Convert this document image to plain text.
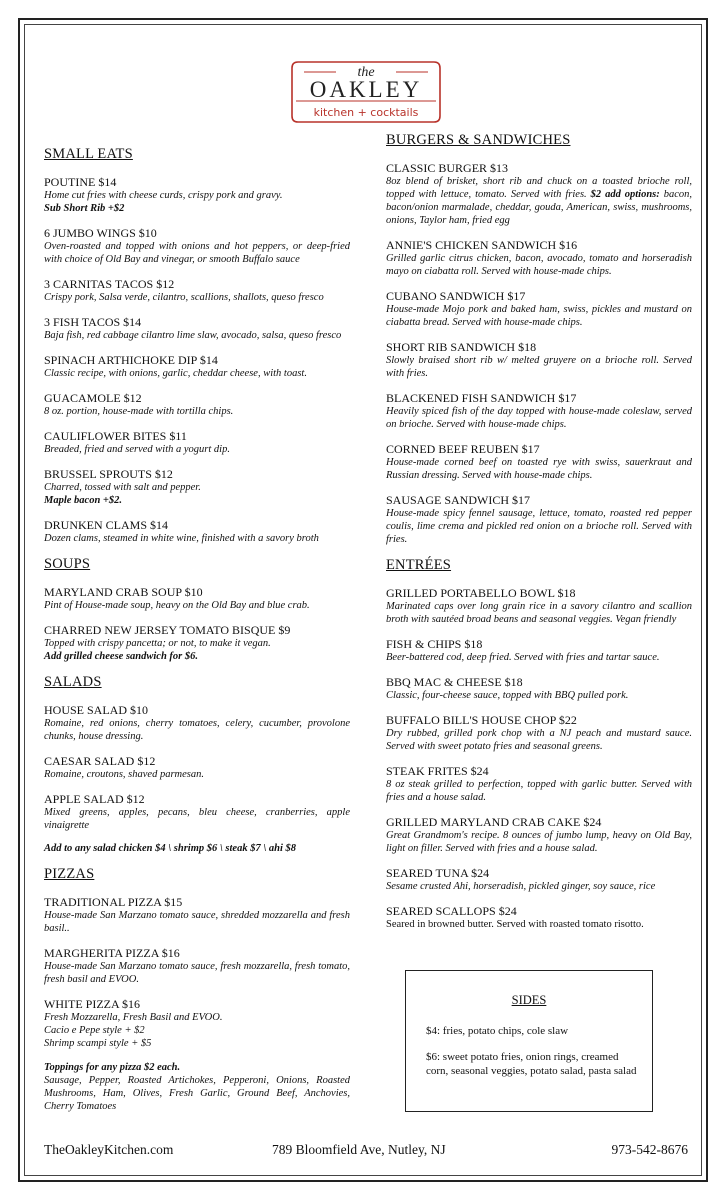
the
OAKLEY
kitchen + cocktails
SMALL EATS
POUTINE $14
Home cut fries with cheese curds, crispy pork and gravy.
Sub Short Rib +$2
6 JUMBO WINGS $10
Oven-roasted and topped with onions and hot peppers, or deep-fried with choice of Old Bay and vinegar, or smooth Buffalo sauce
3 CARNITAS TACOS $12
Crispy pork, Salsa verde, cilantro, scallions, shallots, queso fresco
3 FISH TACOS $14
Baja fish, red cabbage cilantro lime slaw, avocado, salsa, queso fresco
SPINACH ARTHICHOKE DIP $14
Classic recipe, with onions, garlic, cheddar cheese, with toast.
GUACAMOLE $12
8 oz. portion, house-made with tortilla chips.
CAULIFLOWER BITES $11
Breaded, fried and served with a yogurt dip.
BRUSSEL SPROUTS $12
Charred, tossed with salt and pepper.
Maple bacon +$2.
DRUNKEN CLAMS $14
Dozen clams, steamed in white wine, finished with a savory broth
SOUPS
MARYLAND CRAB SOUP $10
Pint of House-made soup, heavy on the Old Bay and blue crab.
CHARRED NEW JERSEY TOMATO BISQUE $9
Topped with crispy pancetta; or not, to make it vegan.
Add grilled cheese sandwich for $6.
SALADS
HOUSE SALAD $10
Romaine, red onions, cherry tomatoes, celery, cucumber, provolone chunks, house dressing.
CAESAR SALAD $12
Romaine, croutons, shaved parmesan.
APPLE SALAD $12
Mixed greens, apples, pecans, bleu cheese, cranberries, apple vinaigrette
Add to any salad chicken $4 \ shrimp $6 \ steak $7 \ ahi $8
PIZZAS
TRADITIONAL PIZZA $15
House-made San Marzano tomato sauce, shredded mozzarella and fresh basil..
MARGHERITA PIZZA $16
House-made San Marzano tomato sauce, fresh mozzarella, fresh tomato, fresh basil and EVOO.
WHITE PIZZA $16
Fresh Mozzarella, Fresh Basil and EVOO.
Cacio e Pepe style + $2
Shrimp scampi style + $5
Toppings for any pizza $2 each.
Sausage, Pepper, Roasted Artichokes, Pepperoni, Onions, Roasted Mushrooms, Ham, Olives, Fresh Garlic, Ground Beef, Anchovies, Cherry Tomatoes
BURGERS & SANDWICHES
CLASSIC BURGER $13
8oz blend of brisket, short rib and chuck on a toasted brioche roll, topped with lettuce, tomato. Served with fries. $2 add options: bacon, bacon/onion marmalade, cheddar, gouda, American, swiss, mushrooms, onions, Taylor ham, fried egg
ANNIE'S CHICKEN SANDWICH $16
Grilled garlic citrus chicken, bacon, avocado, tomato and horseradish mayo on ciabatta roll. Served with house-made chips.
CUBANO SANDWICH $17
House-made Mojo pork and baked ham, swiss, pickles and mustard on ciabatta bread. Served with house-made chips.
SHORT RIB SANDWICH $18
Slowly braised short rib w/ melted gruyere on a brioche roll. Served with fries.
BLACKENED FISH SANDWICH $17
Heavily spiced fish of the day topped with house-made coleslaw, served on brioche. Served with house-made chips.
CORNED BEEF REUBEN $17
House-made corned beef on toasted rye with swiss, sauerkraut and Russian dressing. Served with house-made chips.
SAUSAGE SANDWICH $17
House-made spicy fennel sausage, lettuce, tomato, roasted red pepper coulis, lime crema and pickled red onion on a brioche roll. Served with fries.
ENTRÉES
GRILLED PORTABELLO BOWL $18
Marinated caps over long grain rice in a savory cilantro and scallion broth with sautéed broad beans and seasonal veggies. Vegan friendly
FISH & CHIPS $18
Beer-battered cod, deep fried. Served with fries and tartar sauce.
BBQ MAC & CHEESE $18
Classic, four-cheese sauce, topped with BBQ pulled pork.
BUFFALO BILL'S HOUSE CHOP $22
Dry rubbed, grilled pork chop with a NJ peach and mustard sauce. Served with sweet potato fries and seasonal greens.
STEAK FRITES $24
8 oz steak grilled to perfection, topped with garlic butter. Served with fries and a house salad.
GRILLED MARYLAND CRAB CAKE $24
Great Grandmom's recipe. 8 ounces of jumbo lump, heavy on Old Bay, light on filler. Served with fries and a house salad.
SEARED TUNA $24
Sesame crusted Ahi, horseradish, pickled ginger, soy sauce, rice
SEARED SCALLOPS $24
Seared in browned butter. Served with roasted tomato risotto.
SIDES
$4: fries, potato chips, cole slaw
$6: sweet potato fries, onion rings, creamed corn, seasonal veggies, potato salad, pasta salad
TheOakleyKitchen.com	789 Bloomfield Ave, Nutley, NJ	973-542-8676
